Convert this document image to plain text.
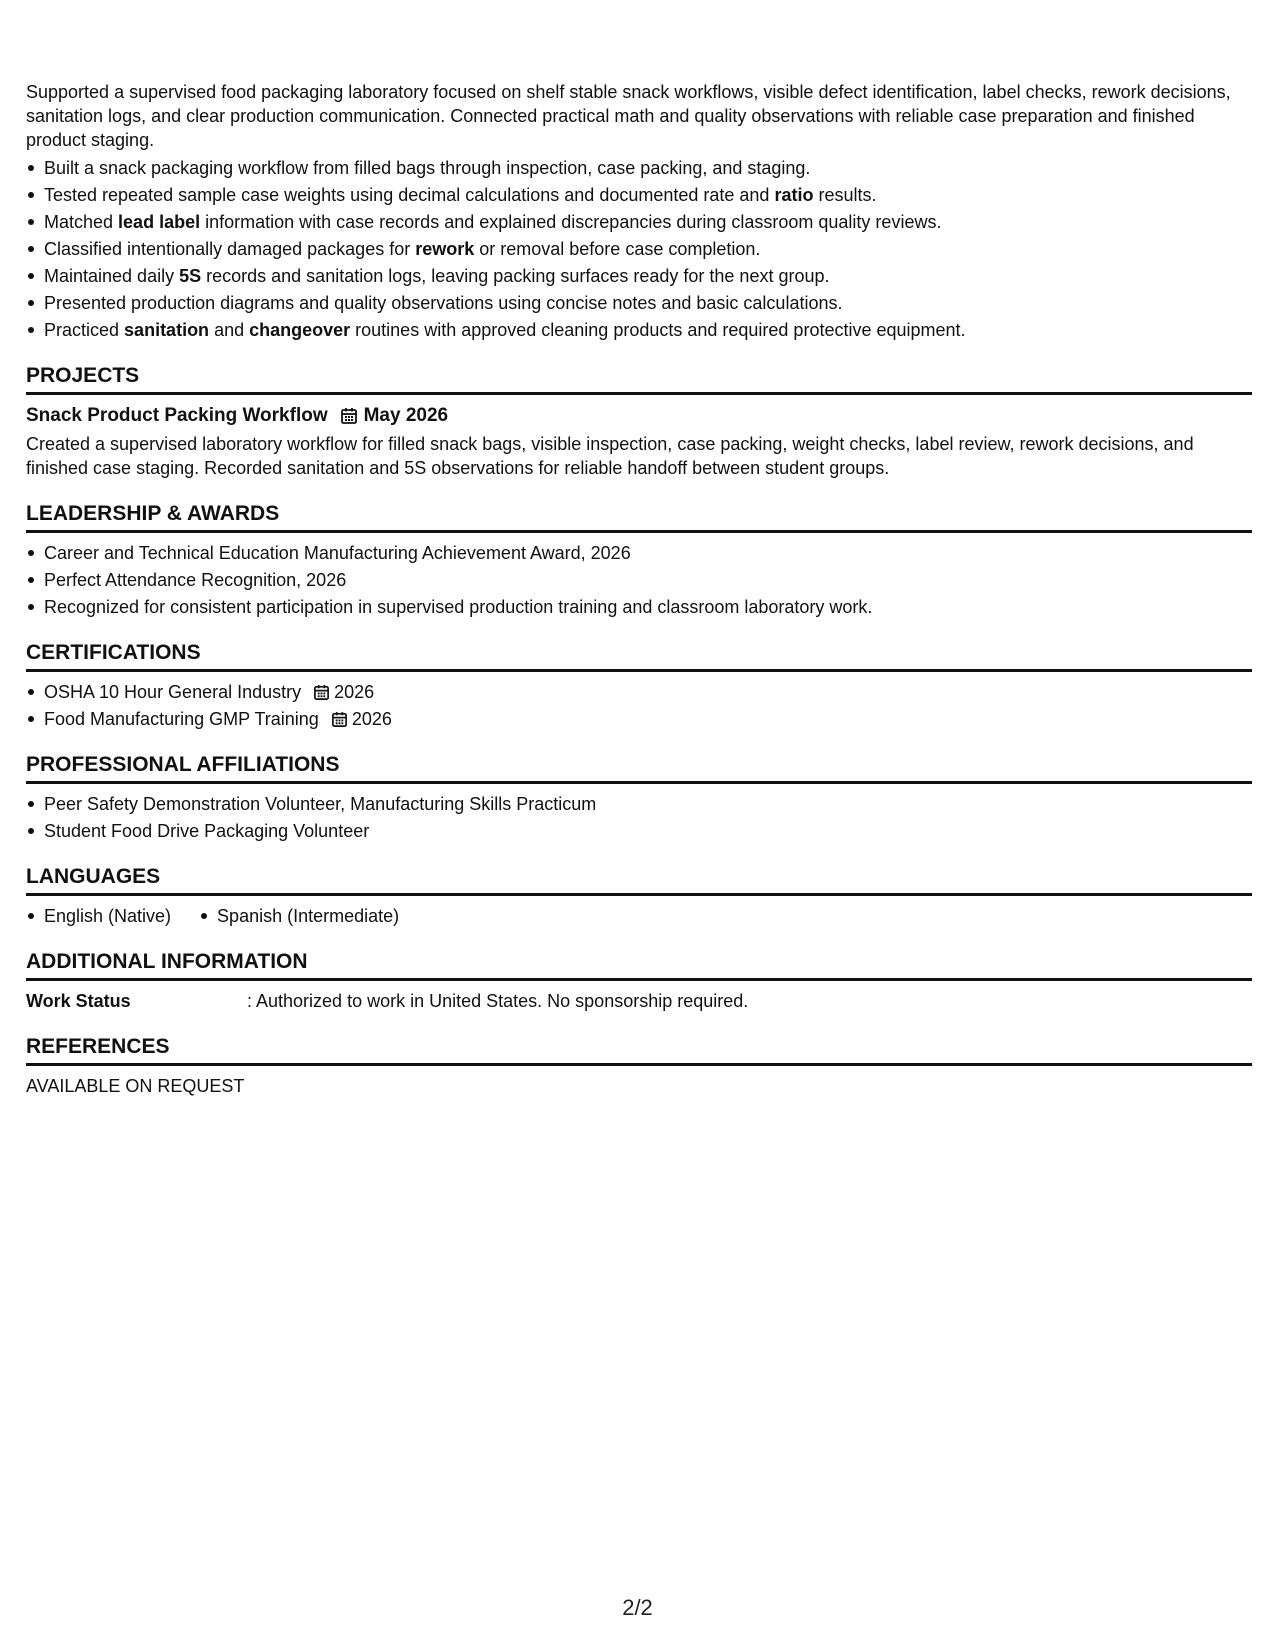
Supported a supervised food packaging laboratory focused on shelf stable snack workflows, visible defect identification, label checks, rework decisions, sanitation logs, and clear production communication. Connected practical math and quality observations with reliable case preparation and finished product staging.

Built a snack packaging workflow from filled bags through inspection, case packing, and staging.
Tested repeated sample case weights using decimal calculations and documented rate and ratio results.
Matched lead label information with case records and explained discrepancies during classroom quality reviews.
Classified intentionally damaged packages for rework or removal before case completion.
Maintained daily 5S records and sanitation logs, leaving packing surfaces ready for the next group.
Presented production diagrams and quality observations using concise notes and basic calculations.
Practiced sanitation and changeover routines with approved cleaning products and required protective equipment.
PROJECTS
Snack Product Packing Workflow May 2026

Created a supervised laboratory workflow for filled snack bags, visible inspection, case packing, weight checks, label review, rework decisions, and finished case staging. Recorded sanitation and 5S observations for reliable handoff between student groups.

LEADERSHIP & AWARDS
Career and Technical Education Manufacturing Achievement Award, 2026
Perfect Attendance Recognition, 2026
Recognized for consistent participation in supervised production training and classroom laboratory work.
CERTIFICATIONS
OSHA 10 Hour General Industry 2026
Food Manufacturing GMP Training 2026
PROFESSIONAL AFFILIATIONS
Peer Safety Demonstration Volunteer, Manufacturing Skills Practicum
Student Food Drive Packaging Volunteer
LANGUAGES
English (Native)	Spanish (Intermediate)
ADDITIONAL INFORMATION
Work Status	: Authorized to work in United States. No sponsorship required.
REFERENCES

AVAILABLE ON REQUEST

2/2
